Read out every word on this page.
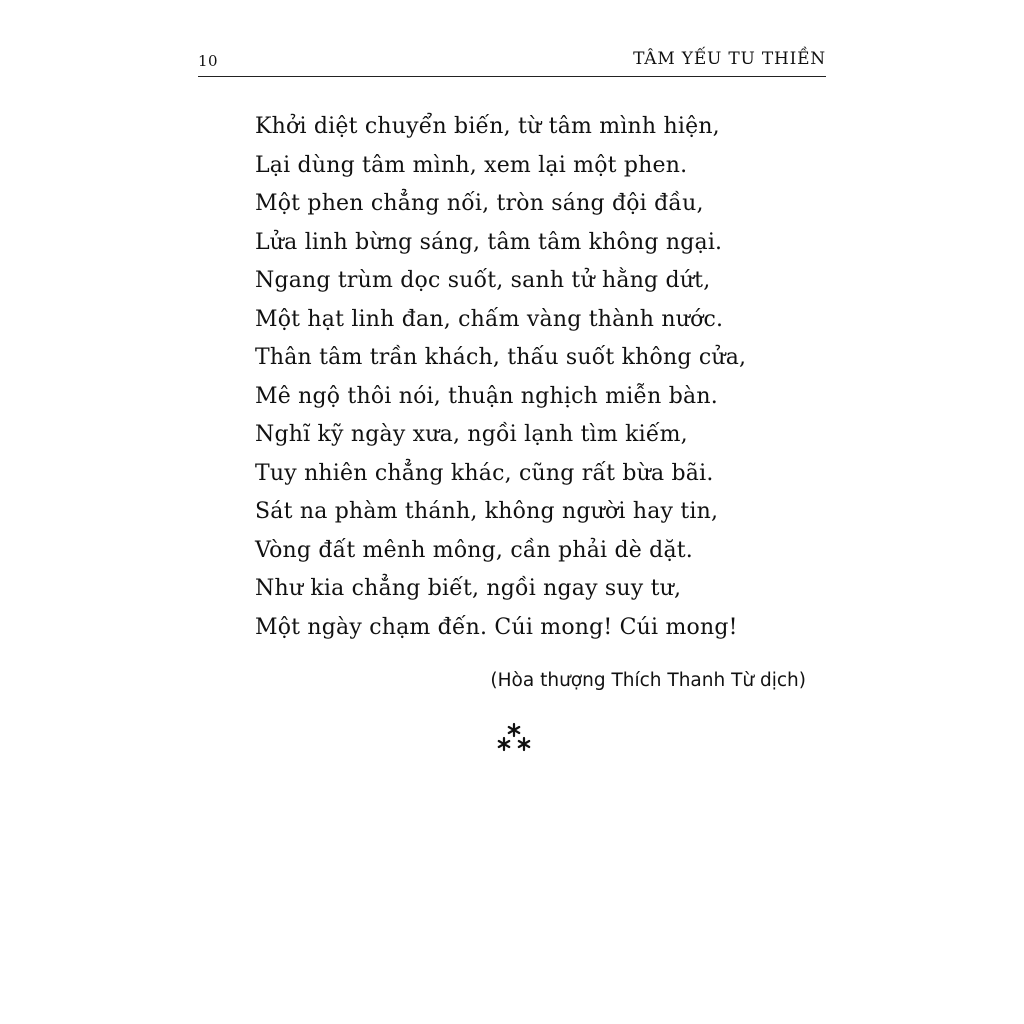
10	TÂM YẾU TU THIỀN
Khởi diệt chuyển biến, từ tâm mình hiện,
Lại dùng tâm mình, xem lại một phen.
Một phen chẳng nối, tròn sáng đội đầu,
Lửa linh bừng sáng, tâm tâm không ngại.
Ngang trùm dọc suốt, sanh tử hằng dứt,
Một hạt linh đan, chấm vàng thành nước.
Thân tâm trần khách, thấu suốt không cửa,
Mê ngộ thôi nói, thuận nghịch miễn bàn.
Nghĩ kỹ ngày xưa, ngồi lạnh tìm kiếm,
Tuy nhiên chẳng khác, cũng rất bừa bãi.
Sát na phàm thánh, không người hay tin,
Vòng đất mênh mông, cần phải dè dặt.
Như kia chẳng biết, ngồi ngay suy tư,
Một ngày chạm đến. Cúi mong! Cúi mong!
(Hòa thượng Thích Thanh Từ dịch)
